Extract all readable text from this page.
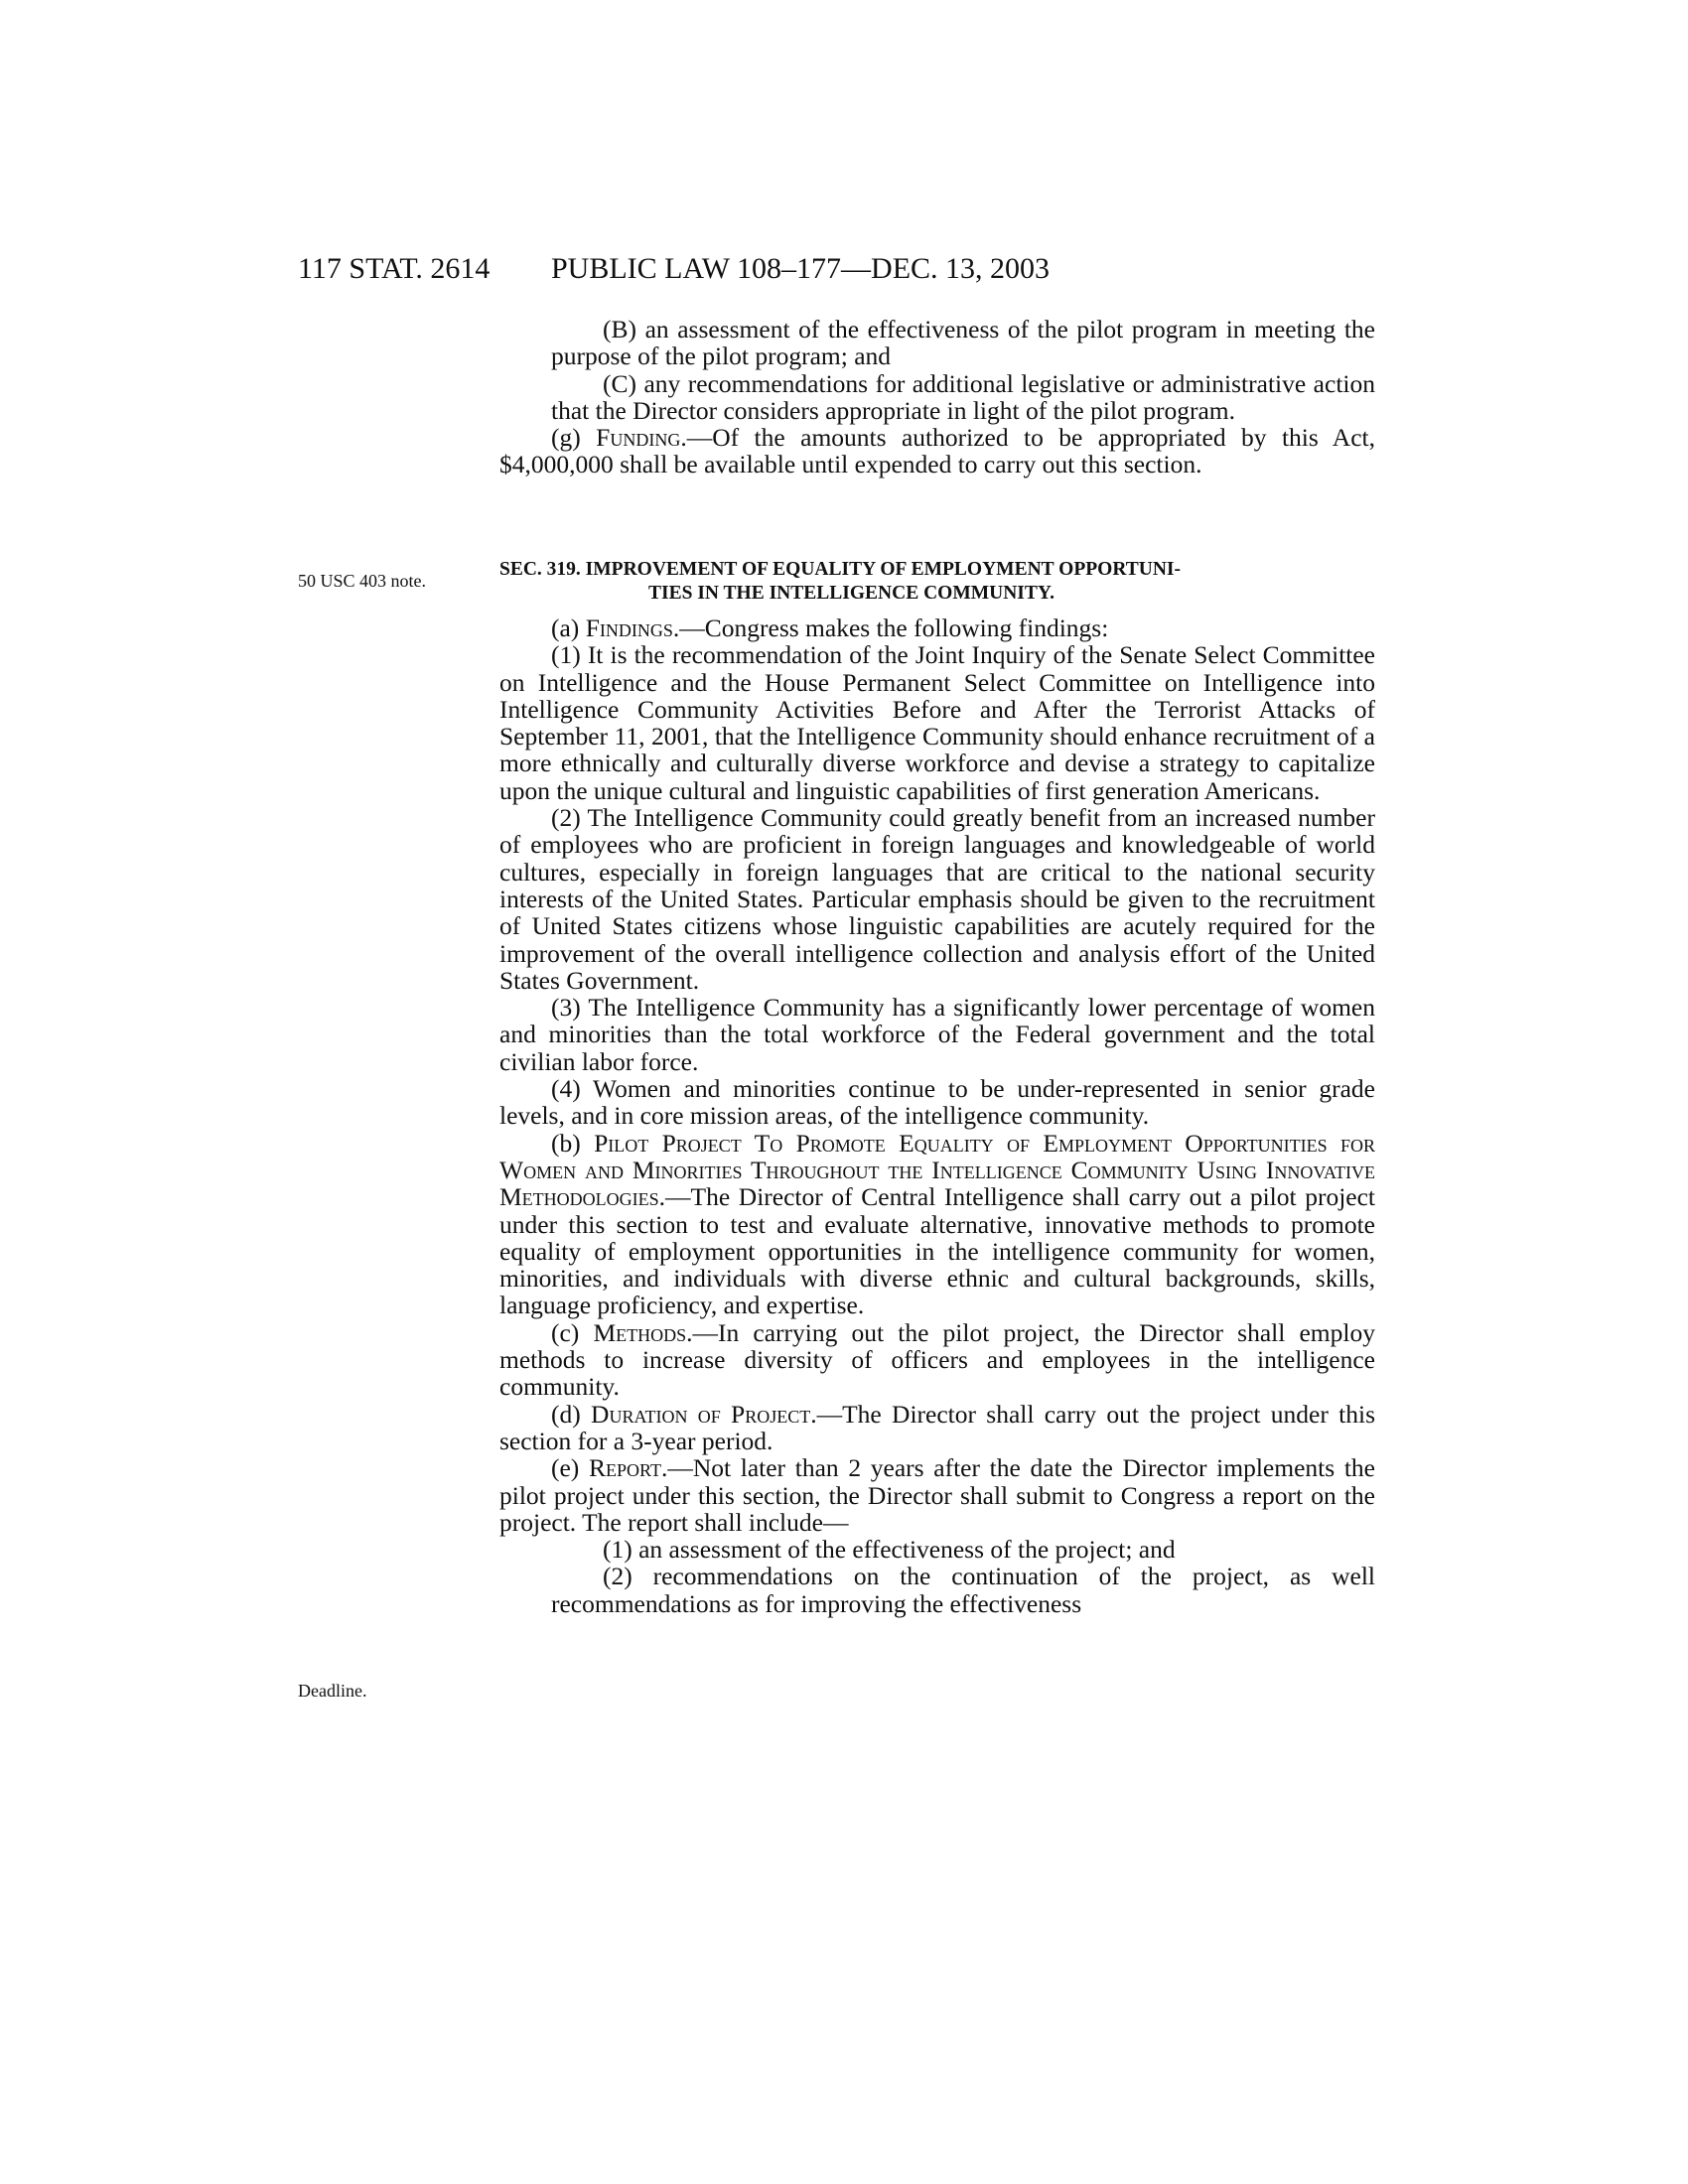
117 STAT. 2614 PUBLIC LAW 108–177—DEC. 13, 2003

(B) an assessment of the effectiveness of the pilot program in meeting the purpose of the pilot program; and

(C) any recommendations for additional legislative or administrative action that the Director considers appropriate in light of the pilot program.

(g) Funding.—Of the amounts authorized to be appropriated by this Act, $4,000,000 shall be available until expended to carry out this section.

50 USC 403 note.
SEC. 319. IMPROVEMENT OF EQUALITY OF EMPLOYMENT OPPORTUNI-
TIES IN THE INTELLIGENCE COMMUNITY.

(a) Findings.—Congress makes the following findings:

(1) It is the recommendation of the Joint Inquiry of the Senate Select Committee on Intelligence and the House Permanent Select Committee on Intelligence into Intelligence Community Activities Before and After the Terrorist Attacks of September 11, 2001, that the Intelligence Community should enhance recruitment of a more ethnically and culturally diverse workforce and devise a strategy to capitalize upon the unique cultural and linguistic capabilities of first generation Americans.

(2) The Intelligence Community could greatly benefit from an increased number of employees who are proficient in foreign languages and knowledgeable of world cultures, especially in foreign languages that are critical to the national security interests of the United States. Particular emphasis should be given to the recruitment of United States citizens whose linguistic capabilities are acutely required for the improvement of the overall intelligence collection and analysis effort of the United States Government.

(3) The Intelligence Community has a significantly lower percentage of women and minorities than the total workforce of the Federal government and the total civilian labor force.

(4) Women and minorities continue to be under-represented in senior grade levels, and in core mission areas, of the intelligence community.

(b) Pilot Project To Promote Equality of Employment Opportunities for Women and Minorities Throughout the Intelligence Community Using Innovative Methodologies.—The Director of Central Intelligence shall carry out a pilot project under this section to test and evaluate alternative, innovative methods to promote equality of employment opportunities in the intelligence community for women, minorities, and individuals with diverse ethnic and cultural backgrounds, skills, language proficiency, and expertise.

(c) Methods.—In carrying out the pilot project, the Director shall employ methods to increase diversity of officers and employees in the intelligence community.

(d) Duration of Project.—The Director shall carry out the project under this section for a 3-year period.

(e) Report.—Not later than 2 years after the date the Director implements the pilot project under this section, the Director shall submit to Congress a report on the project. The report shall include—

(1) an assessment of the effectiveness of the project; and

(2) recommendations on the continuation of the project, as well recommendations as for improving the effectiveness

Deadline.
